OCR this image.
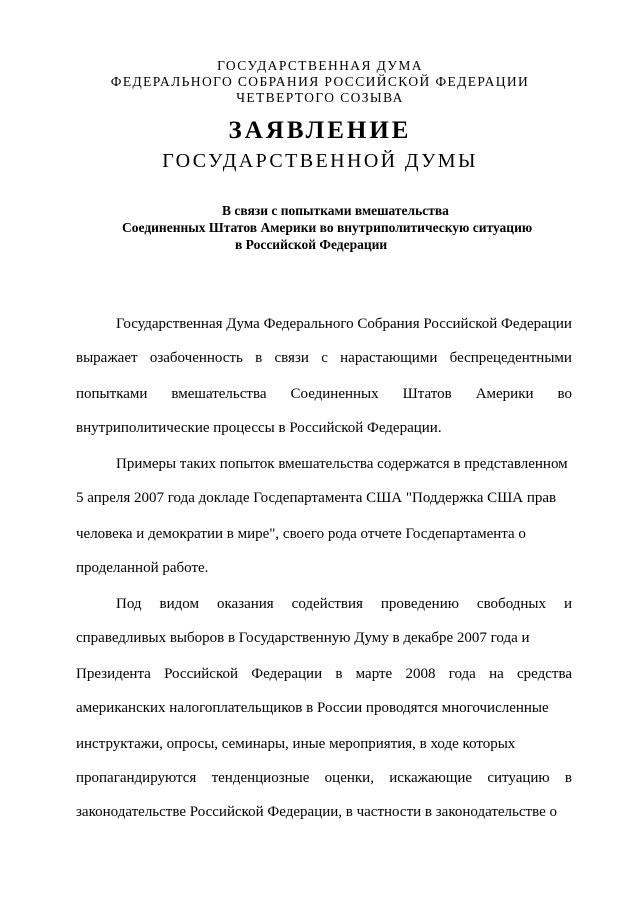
ГОСУДАРСТВЕННАЯ ДУМА
ФЕДЕРАЛЬНОГО СОБРАНИЯ РОССИЙСКОЙ ФЕДЕРАЦИИ
ЧЕТВЕРТОГО СОЗЫВА
ЗАЯВЛЕНИЕ
ГОСУДАРСТВЕННОЙ ДУМЫ
В связи с попытками вмешательства
Соединенных Штатов Америки во внутриполитическую ситуацию
в Российской Федерации
Государственная Дума Федерального Собрания Российской Федерации
выражает озабоченность в связи с нарастающими беспрецедентными
попытками вмешательства Соединенных Штатов Америки во
внутриполитические процессы в Российской Федерации.
Примеры таких попыток вмешательства содержатся в представленном
5 апреля 2007 года докладе Госдепартамента США "Поддержка США прав
человека и демократии в мире", своего рода отчете Госдепартамента о
проделанной работе.
Под видом оказания содействия проведению свободных и
справедливых выборов в Государственную Думу в декабре 2007 года и
Президента Российской Федерации в марте 2008 года на средства
американских налогоплательщиков в России проводятся многочисленные
инструктажи, опросы, семинары, иные мероприятия, в ходе которых
пропагандируются тенденциозные оценки, искажающие ситуацию в
законодательстве Российской Федерации, в частности в законодательстве о
